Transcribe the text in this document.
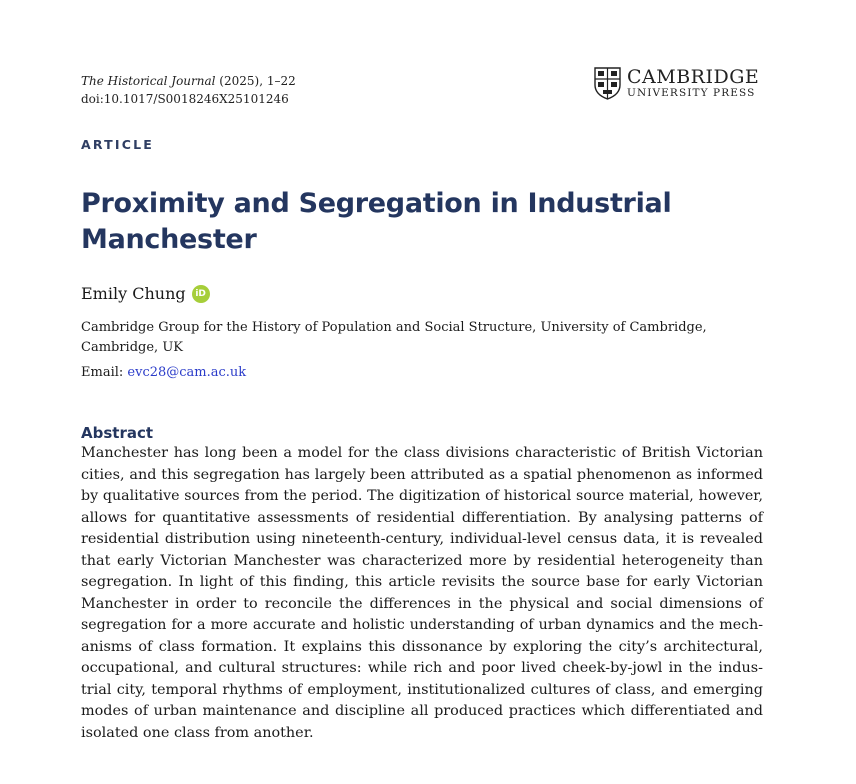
The Historical Journal (2025), 1–22
doi:10.1017/S0018246X25101246
CAMBRIDGE
UNIVERSITY PRESS
ARTICLE
Proximity and Segregation in Industrial Manchester
Emily Chung	iD
Cambridge Group for the History of Population and Social Structure, University of Cambridge,
Cambridge, UK
Email: evc28@cam.ac.uk
Abstract
Manchester has long been a model for the class divisions characteristic of British Victorian
cities, and this segregation has largely been attributed as a spatial phenomenon as informed
by qualitative sources from the period. The digitization of historical source material, however,
allows for quantitative assessments of residential differentiation. By analysing patterns of
residential distribution using nineteenth-century, individual-level census data, it is revealed
that early Victorian Manchester was characterized more by residential heterogeneity than
segregation. In light of this finding, this article revisits the source base for early Victorian
Manchester in order to reconcile the differences in the physical and social dimensions of
segregation for a more accurate and holistic understanding of urban dynamics and the mech-
anisms of class formation. It explains this dissonance by exploring the city’s architectural,
occupational, and cultural structures: while rich and poor lived cheek-by-jowl in the indus-
trial city, temporal rhythms of employment, institutionalized cultures of class, and emerging
modes of urban maintenance and discipline all produced practices which differentiated and
isolated one class from another.
